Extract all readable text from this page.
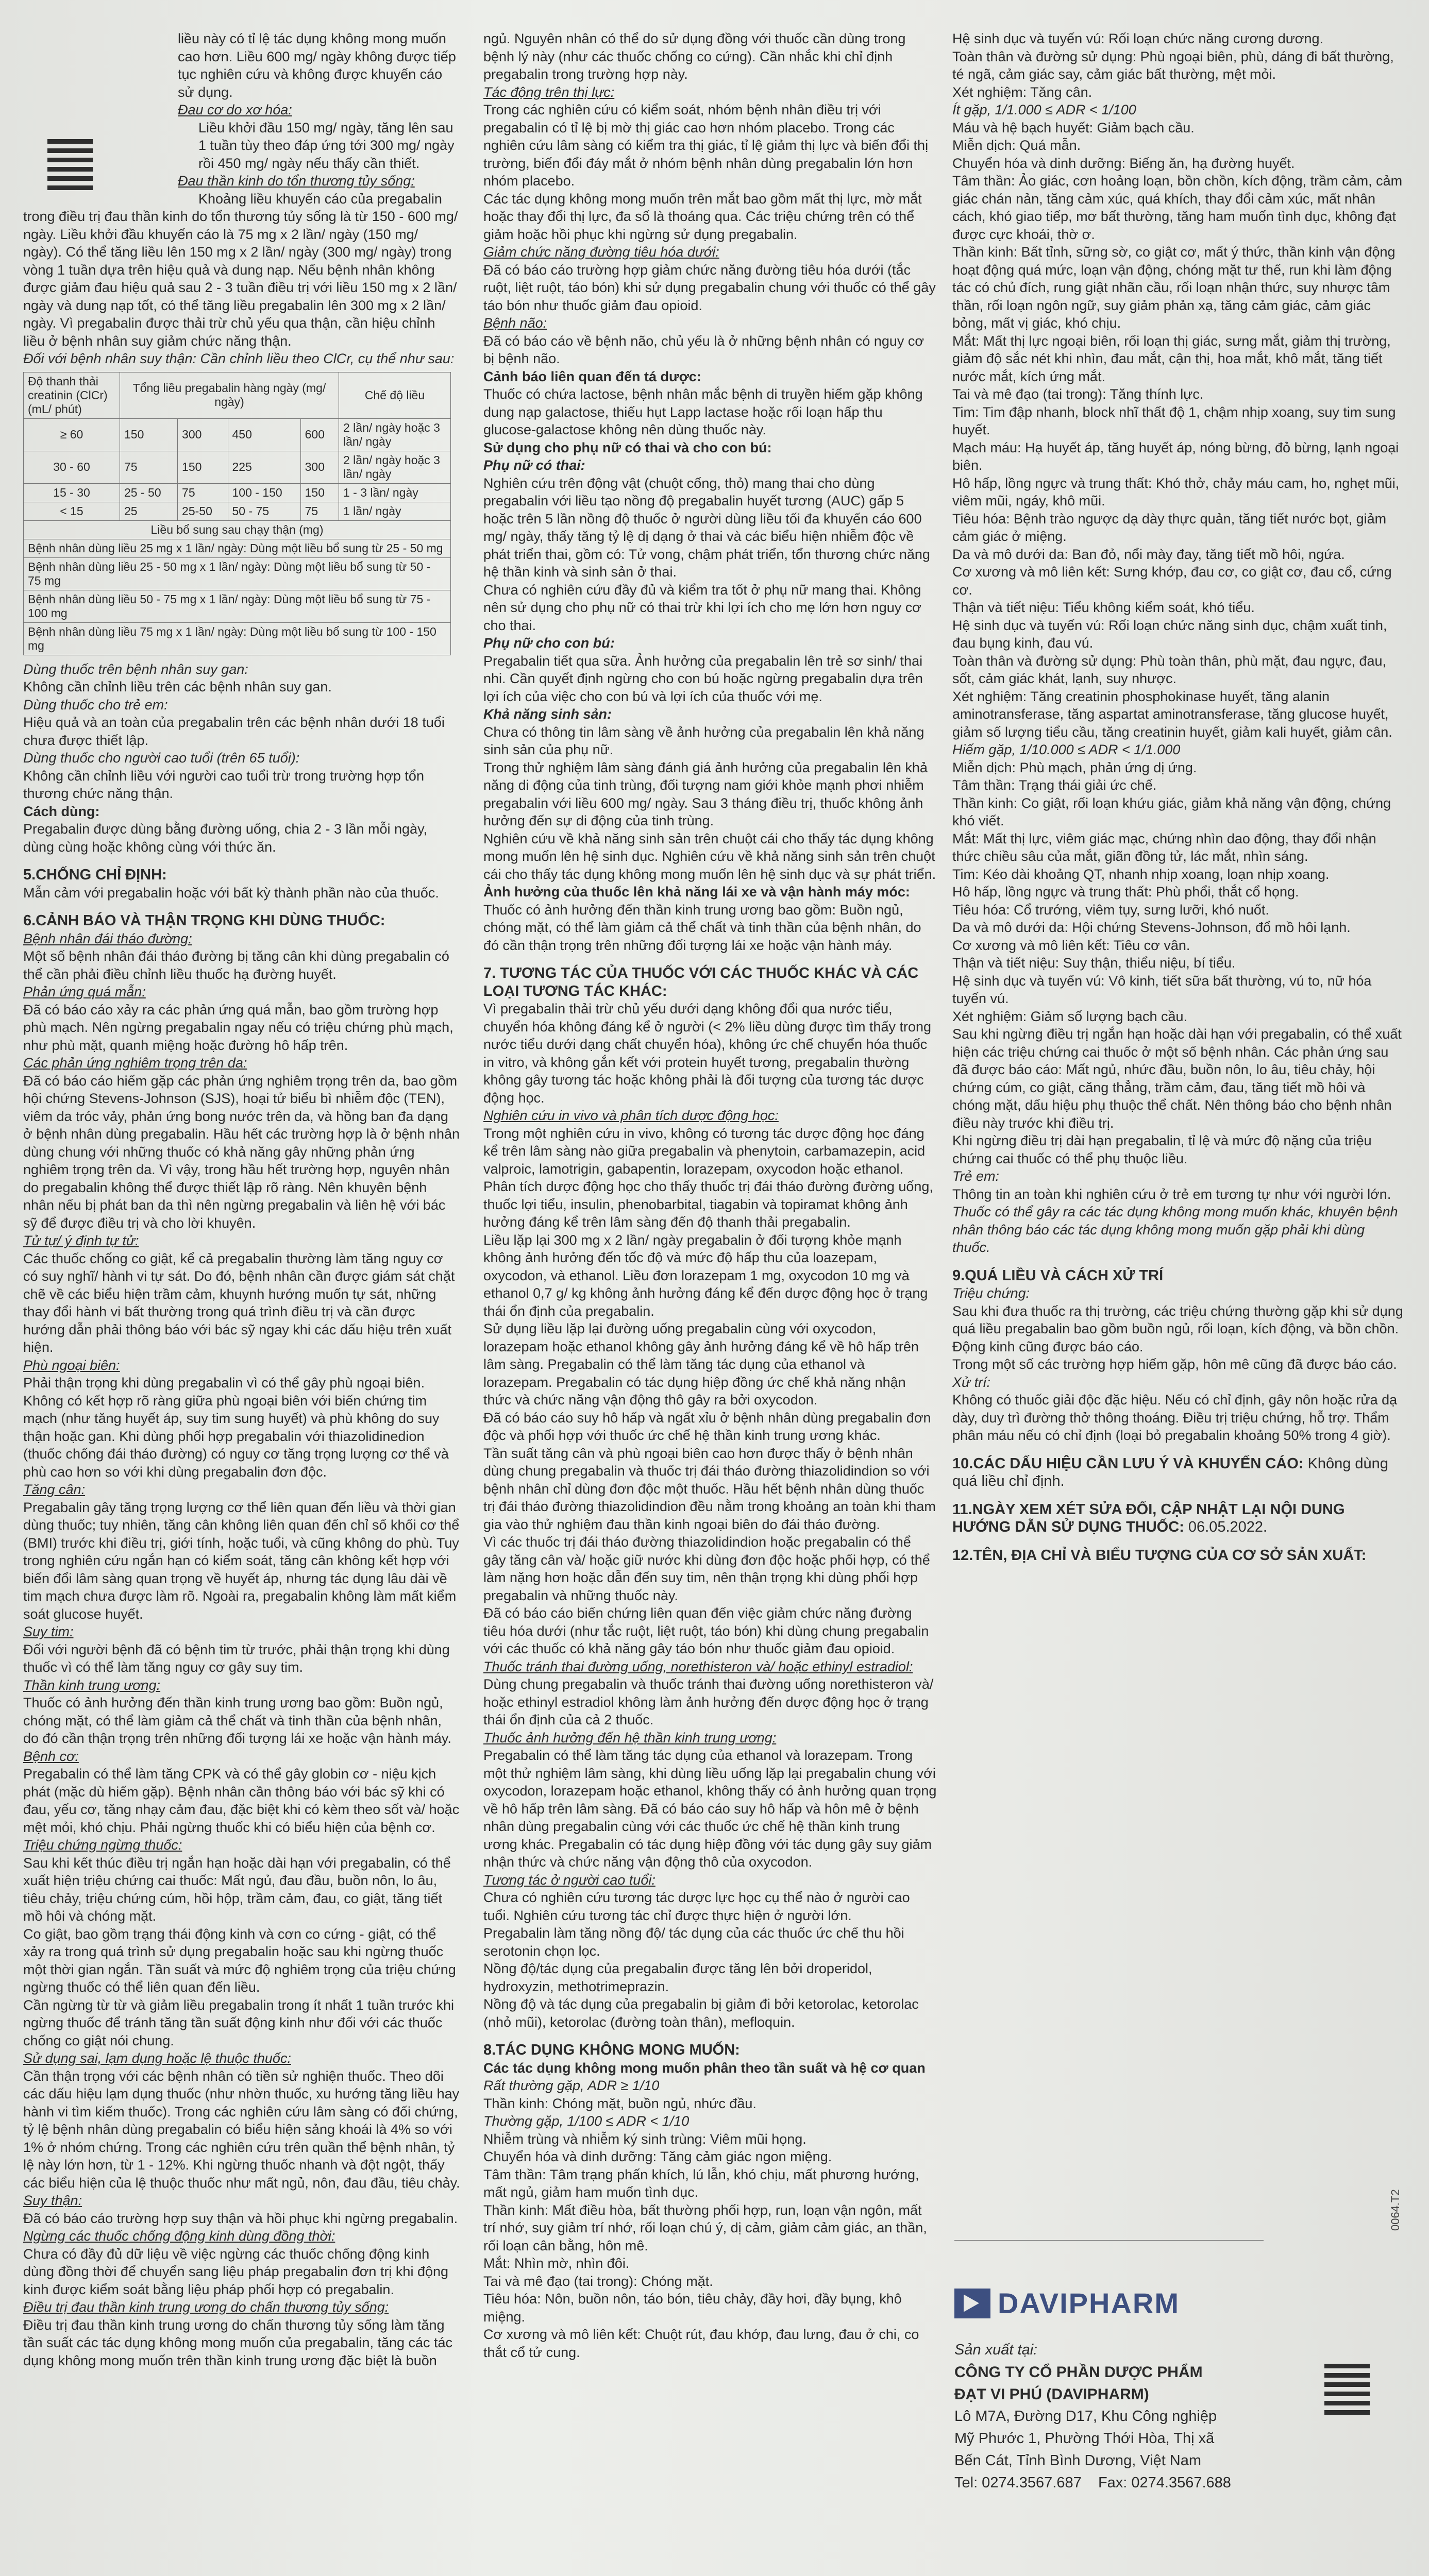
liều này có tỉ lệ tác dụng không mong muốn cao hơn. Liều 600 mg/ ngày không được tiếp tục nghiên cứu và không được khuyến cáo sử dụng.

Đau cơ do xơ hóa:

Liều khởi đầu 150 mg/ ngày, tăng lên sau 1 tuần tùy theo đáp ứng tới 300 mg/ ngày rồi 450 mg/ ngày nếu thấy cần thiết.

Đau thần kinh do tổn thương tủy sống:

Khoảng liều khuyến cáo của pregabalin trong điều trị đau thần kinh do tổn thương tủy sống là từ 150 - 600 mg/ ngày. Liều khởi đầu khuyến cáo là 75 mg x 2 lần/ ngày (150 mg/ ngày). Có thể tăng liều lên 150 mg x 2 lần/ ngày (300 mg/ ngày) trong vòng 1 tuần dựa trên hiệu quả và dung nạp. Nếu bệnh nhân không được giảm đau hiệu quả sau 2 - 3 tuần điều trị với liều 150 mg x 2 lần/ ngày và dung nạp tốt, có thể tăng liều pregabalin lên 300 mg x 2 lần/ ngày. Vì pregabalin được thải trừ chủ yếu qua thận, cần hiệu chỉnh liều ở bệnh nhân suy giảm chức năng thận.

Đối với bệnh nhân suy thận: Cần chỉnh liều theo ClCr, cụ thể như sau:

Độ thanh thải creatinin (ClCr) (mL/ phút)	Tổng liều pregabalin hàng ngày (mg/ ngày)				Chế độ liều
≥ 60	150	300	450	600	2 lần/ ngày hoặc 3 lần/ ngày
30 - 60	75	150	225	300	2 lần/ ngày hoặc 3 lần/ ngày
15 - 30	25 - 50	75	100 - 150	150	1 - 3 lần/ ngày
< 15	25	25-50	50 - 75	75	1 lần/ ngày
Liều bổ sung sau chạy thận (mg)					
Bệnh nhân dùng liều 25 mg x 1 lần/ ngày: Dùng một liều bổ sung từ 25 - 50 mg					
Bệnh nhân dùng liều 25 - 50 mg x 1 lần/ ngày: Dùng một liều bổ sung từ 50 - 75 mg					
Bệnh nhân dùng liều 50 - 75 mg x 1 lần/ ngày: Dùng một liều bổ sung từ 75 - 100 mg					
Bệnh nhân dùng liều 75 mg x 1 lần/ ngày: Dùng một liều bổ sung từ 100 - 150 mg					

Dùng thuốc trên bệnh nhân suy gan:

Không cần chỉnh liều trên các bệnh nhân suy gan.

Dùng thuốc cho trẻ em:

Hiệu quả và an toàn của pregabalin trên các bệnh nhân dưới 18 tuổi chưa được thiết lập.

Dùng thuốc cho người cao tuổi (trên 65 tuổi):

Không cần chỉnh liều với người cao tuổi trừ trong trường hợp tổn thương chức năng thận.

Cách dùng:

Pregabalin được dùng bằng đường uống, chia 2 - 3 lần mỗi ngày, dùng cùng hoặc không cùng với thức ăn.

5.CHỐNG CHỈ ĐỊNH:

Mẫn cảm với pregabalin hoặc với bất kỳ thành phần nào của thuốc.

6.CẢNH BÁO VÀ THẬN TRỌNG KHI DÙNG THUỐC:

Bệnh nhân đái tháo đường:

Một số bệnh nhân đái tháo đường bị tăng cân khi dùng pregabalin có thể cần phải điều chỉnh liều thuốc hạ đường huyết.

Phản ứng quá mẫn:

Đã có báo cáo xảy ra các phản ứng quá mẫn, bao gồm trường hợp phù mạch. Nên ngừng pregabalin ngay nếu có triệu chứng phù mạch, như phù mặt, quanh miệng hoặc đường hô hấp trên.

Các phản ứng nghiêm trọng trên da:

Đã có báo cáo hiếm gặp các phản ứng nghiêm trọng trên da, bao gồm hội chứng Stevens-Johnson (SJS), hoại tử biểu bì nhiễm độc (TEN), viêm da tróc vảy, phản ứng bong nước trên da, và hồng ban đa dạng ở bệnh nhân dùng pregabalin. Hầu hết các trường hợp là ở bệnh nhân dùng chung với những thuốc có khả năng gây những phản ứng nghiêm trọng trên da. Vì vậy, trong hầu hết trường hợp, nguyên nhân do pregabalin không thể được thiết lập rõ ràng. Nên khuyên bệnh nhân nếu bị phát ban da thì nên ngừng pregabalin và liên hệ với bác sỹ để được điều trị và cho lời khuyên.

Tử tự/ ý định tự tử:

Các thuốc chống co giật, kể cả pregabalin thường làm tăng nguy cơ có suy nghĩ/ hành vi tự sát. Do đó, bệnh nhân cần được giám sát chặt chẽ về các biểu hiện trầm cảm, khuynh hướng muốn tự sát, những thay đổi hành vi bất thường trong quá trình điều trị và cần được hướng dẫn phải thông báo với bác sỹ ngay khi các dấu hiệu trên xuất hiện.

Phù ngoại biên:

Phải thận trọng khi dùng pregabalin vì có thể gây phù ngoại biên. Không có kết hợp rõ ràng giữa phù ngoại biên với biến chứng tim mạch (như tăng huyết áp, suy tim sung huyết) và phù không do suy thận hoặc gan. Khi dùng phối hợp pregabalin với thiazolidinedion (thuốc chống đái tháo đường) có nguy cơ tăng trọng lượng cơ thể và phù cao hơn so với khi dùng pregabalin đơn độc.

Tăng cân:

Pregabalin gây tăng trọng lượng cơ thể liên quan đến liều và thời gian dùng thuốc; tuy nhiên, tăng cân không liên quan đến chỉ số khối cơ thể (BMI) trước khi điều trị, giới tính, hoặc tuổi, và cũng không do phù. Tuy trong nghiên cứu ngắn hạn có kiểm soát, tăng cân không kết hợp với biến đổi lâm sàng quan trọng về huyết áp, nhưng tác dụng lâu dài về tim mạch chưa được làm rõ. Ngoài ra, pregabalin không làm mất kiểm soát glucose huyết.

Suy tim:

Đối với người bệnh đã có bệnh tim từ trước, phải thận trọng khi dùng thuốc vì có thể làm tăng nguy cơ gây suy tim.

Thần kinh trung ương:

Thuốc có ảnh hưởng đến thần kinh trung ương bao gồm: Buồn ngủ, chóng mặt, có thể làm giảm cả thể chất và tinh thần của bệnh nhân, do đó cần thận trọng trên những đối tượng lái xe hoặc vận hành máy.

Bệnh cơ:

Pregabalin có thể làm tăng CPK và có thể gây globin cơ - niệu kịch phát (mặc dù hiếm gặp). Bệnh nhân cần thông báo với bác sỹ khi có đau, yếu cơ, tăng nhạy cảm đau, đặc biệt khi có kèm theo sốt và/ hoặc mệt mỏi, khó chịu. Phải ngừng thuốc khi có biểu hiện của bệnh cơ.

Triệu chứng ngừng thuốc:

Sau khi kết thúc điều trị ngắn hạn hoặc dài hạn với pregabalin, có thể xuất hiện triệu chứng cai thuốc: Mất ngủ, đau đầu, buồn nôn, lo âu, tiêu chảy, triệu chứng cúm, hồi hộp, trầm cảm, đau, co giật, tăng tiết mồ hôi và chóng mặt.
Co giật, bao gồm trạng thái động kinh và cơn co cứng - giật, có thể xảy ra trong quá trình sử dụng pregabalin hoặc sau khi ngừng thuốc một thời gian ngắn. Tần suất và mức độ nghiêm trọng của triệu chứng ngừng thuốc có thể liên quan đến liều.
Cần ngừng từ từ và giảm liều pregabalin trong ít nhất 1 tuần trước khi ngừng thuốc để tránh tăng tần suất động kinh như đối với các thuốc chống co giật nói chung.

Sử dụng sai, lạm dụng hoặc lệ thuộc thuốc:

Cần thận trọng với các bệnh nhân có tiền sử nghiện thuốc. Theo dõi các dấu hiệu lạm dụng thuốc (như nhờn thuốc, xu hướng tăng liều hay hành vi tìm kiếm thuốc). Trong các nghiên cứu lâm sàng có đối chứng, tỷ lệ bệnh nhân dùng pregabalin có biểu hiện sảng khoái là 4% so với 1% ở nhóm chứng. Trong các nghiên cứu trên quần thể bệnh nhân, tỷ lệ này lớn hơn, từ 1 - 12%. Khi ngừng thuốc nhanh và đột ngột, thấy các biểu hiện của lệ thuộc thuốc như mất ngủ, nôn, đau đầu, tiêu chảy.

Suy thận:

Đã có báo cáo trường hợp suy thận và hồi phục khi ngừng pregabalin.

Ngừng các thuốc chống động kinh dùng đồng thời:

Chưa có đầy đủ dữ liệu về việc ngừng các thuốc chống động kinh dùng đồng thời để chuyển sang liệu pháp pregabalin đơn trị khi động kinh được kiểm soát bằng liệu pháp phối hợp có pregabalin.

Điều trị đau thần kinh trung ương do chấn thương tủy sống:

Điều trị đau thần kinh trung ương do chấn thương tủy sống làm tăng tần suất các tác dụng không mong muốn của pregabalin, tăng các tác dụng không mong muốn trên thần kinh trung ương đặc biệt là buồn

ngủ. Nguyên nhân có thể do sử dụng đồng với thuốc cần dùng trong bệnh lý này (như các thuốc chống co cứng). Cần nhắc khi chỉ định pregabalin trong trường hợp này.

Tác động trên thị lực:

Trong các nghiên cứu có kiểm soát, nhóm bệnh nhân điều trị với pregabalin có tỉ lệ bị mờ thị giác cao hơn nhóm placebo. Trong các nghiên cứu lâm sàng có kiểm tra thị giác, tỉ lệ giảm thị lực và biến đổi thị trường, biến đổi đáy mắt ở nhóm bệnh nhân dùng pregabalin lớn hơn nhóm placebo.
Các tác dụng không mong muốn trên mắt bao gồm mất thị lực, mờ mắt hoặc thay đổi thị lực, đa số là thoáng qua. Các triệu chứng trên có thể giảm hoặc hồi phục khi ngừng sử dụng pregabalin.

Giảm chức năng đường tiêu hóa dưới:

Đã có báo cáo trường hợp giảm chức năng đường tiêu hóa dưới (tắc ruột, liệt ruột, táo bón) khi sử dụng pregabalin chung với thuốc có thể gây táo bón như thuốc giảm đau opioid.

Bệnh não:

Đã có báo cáo về bệnh não, chủ yếu là ở những bệnh nhân có nguy cơ bị bệnh não.

Cảnh báo liên quan đến tá dược:

Thuốc có chứa lactose, bệnh nhân mắc bệnh di truyền hiếm gặp không dung nạp galactose, thiếu hụt Lapp lactase hoặc rối loạn hấp thu glucose-galactose không nên dùng thuốc này.

Sử dụng cho phụ nữ có thai và cho con bú:

Phụ nữ có thai:

Nghiên cứu trên động vật (chuột cống, thỏ) mang thai cho dùng pregabalin với liều tạo nồng độ pregabalin huyết tương (AUC) gấp 5 hoặc trên 5 lần nồng độ thuốc ở người dùng liều tối đa khuyến cáo 600 mg/ ngày, thấy tăng tỷ lệ dị dạng ở thai và các biểu hiện nhiễm độc về phát triển thai, gồm có: Tử vong, chậm phát triển, tổn thương chức năng hệ thần kinh và sinh sản ở thai.
Chưa có nghiên cứu đầy đủ và kiểm tra tốt ở phụ nữ mang thai. Không nên sử dụng cho phụ nữ có thai trừ khi lợi ích cho mẹ lớn hơn nguy cơ cho thai.

Phụ nữ cho con bú:

Pregabalin tiết qua sữa. Ảnh hưởng của pregabalin lên trẻ sơ sinh/ thai nhi. Cần quyết định ngừng cho con bú hoặc ngừng pregabalin dựa trên lợi ích của việc cho con bú và lợi ích của thuốc với mẹ.

Khả năng sinh sản:

Chưa có thông tin lâm sàng về ảnh hưởng của pregabalin lên khả năng sinh sản của phụ nữ.
Trong thử nghiệm lâm sàng đánh giá ảnh hưởng của pregabalin lên khả năng di động của tinh trùng, đối tượng nam giới khỏe mạnh phơi nhiễm pregabalin với liều 600 mg/ ngày. Sau 3 tháng điều trị, thuốc không ảnh hưởng đến sự di động của tinh trùng.
Nghiên cứu về khả năng sinh sản trên chuột cái cho thấy tác dụng không mong muốn lên hệ sinh dục. Nghiên cứu về khả năng sinh sản trên chuột cái cho thấy tác dụng không mong muốn lên hệ sinh dục và sự phát triển.

Ảnh hưởng của thuốc lên khả năng lái xe và vận hành máy móc:

Thuốc có ảnh hưởng đến thần kinh trung ương bao gồm: Buồn ngủ, chóng mặt, có thể làm giảm cả thể chất và tinh thần của bệnh nhân, do đó cần thận trọng trên những đối tượng lái xe hoặc vận hành máy.

7. TƯƠNG TÁC CỦA THUỐC VỚI CÁC THUỐC KHÁC VÀ CÁC LOẠI TƯƠNG TÁC KHÁC:

Vì pregabalin thải trừ chủ yếu dưới dạng không đổi qua nước tiểu, chuyển hóa không đáng kể ở người (< 2% liều dùng được tìm thấy trong nước tiểu dưới dạng chất chuyển hóa), không ức chế chuyển hóa thuốc in vitro, và không gắn kết với protein huyết tương, pregabalin thường không gây tương tác hoặc không phải là đối tượng của tương tác dược động học.

Nghiên cứu in vivo và phân tích dược động học:

Trong một nghiên cứu in vivo, không có tương tác dược động học đáng kể trên lâm sàng nào giữa pregabalin và phenytoin, carbamazepin, acid valproic, lamotrigin, gabapentin, lorazepam, oxycodon hoặc ethanol. Phân tích dược động học cho thấy thuốc trị đái tháo đường đường uống, thuốc lợi tiểu, insulin, phenobarbital, tiagabin và topiramat không ảnh hưởng đáng kể trên lâm sàng đến độ thanh thải pregabalin.
Liều lặp lại 300 mg x 2 lần/ ngày pregabalin ở đối tượng khỏe mạnh không ảnh hưởng đến tốc độ và mức độ hấp thu của loazepam, oxycodon, và ethanol. Liều đơn lorazepam 1 mg, oxycodon 10 mg và ethanol 0,7 g/ kg không ảnh hưởng đáng kể đến dược động học ở trạng thái ổn định của pregabalin.
Sử dụng liều lặp lại đường uống pregabalin cùng với oxycodon, lorazepam hoặc ethanol không gây ảnh hưởng đáng kể về hô hấp trên lâm sàng. Pregabalin có thể làm tăng tác dụng của ethanol và lorazepam. Pregabalin có tác dụng hiệp đồng ức chế khả năng nhận thức và chức năng vận động thô gây ra bởi oxycodon.
Đã có báo cáo suy hô hấp và ngất xỉu ở bệnh nhân dùng pregabalin đơn độc và phối hợp với thuốc ức chế hệ thần kinh trung ương khác.
Tần suất tăng cân và phù ngoại biên cao hơn được thấy ở bệnh nhân dùng chung pregabalin và thuốc trị đái tháo đường thiazolidindion so với bệnh nhân chỉ dùng đơn độc một thuốc. Hầu hết bệnh nhân dùng thuốc trị đái tháo đường thiazolidindion đều nằm trong khoảng an toàn khi tham gia vào thử nghiệm đau thần kinh ngoại biên do đái tháo đường.
Vì các thuốc trị đái tháo đường thiazolidindion hoặc pregabalin có thể gây tăng cân và/ hoặc giữ nước khi dùng đơn độc hoặc phối hợp, có thể làm nặng hơn hoặc dẫn đến suy tim, nên thận trọng khi dùng phối hợp pregabalin và những thuốc này.
Đã có báo cáo biến chứng liên quan đến việc giảm chức năng đường tiêu hóa dưới (như tắc ruột, liệt ruột, táo bón) khi dùng chung pregabalin với các thuốc có khả năng gây táo bón như thuốc giảm đau opioid.

Thuốc tránh thai đường uống, norethisteron và/ hoặc ethinyl estradiol:

Dùng chung pregabalin và thuốc tránh thai đường uống norethisteron và/ hoặc ethinyl estradiol không làm ảnh hưởng đến dược động học ở trạng thái ổn định của cả 2 thuốc.

Thuốc ảnh hưởng đến hệ thần kinh trung ương:

Pregabalin có thể làm tăng tác dụng của ethanol và lorazepam. Trong một thử nghiệm lâm sàng, khi dùng liều uống lặp lại pregabalin chung với oxycodon, lorazepam hoặc ethanol, không thấy có ảnh hưởng quan trọng về hô hấp trên lâm sàng. Đã có báo cáo suy hô hấp và hôn mê ở bệnh nhân dùng pregabalin cùng với các thuốc ức chế hệ thần kinh trung ương khác. Pregabalin có tác dụng hiệp đồng với tác dụng gây suy giảm nhận thức và chức năng vận động thô của oxycodon.

Tương tác ở người cao tuổi:

Chưa có nghiên cứu tương tác dược lực học cụ thể nào ở người cao tuổi. Nghiên cứu tương tác chỉ được thực hiện ở người lớn.
Pregabalin làm tăng nồng độ/ tác dụng của các thuốc ức chế thu hồi serotonin chọn lọc.
Nồng độ/tác dụng của pregabalin được tăng lên bởi droperidol, hydroxyzin, methotrimeprazin.
Nồng độ và tác dụng của pregabalin bị giảm đi bởi ketorolac, ketorolac (nhỏ mũi), ketorolac (đường toàn thân), mefloquin.

8.TÁC DỤNG KHÔNG MONG MUỐN:

Các tác dụng không mong muốn phân theo tần suất và hệ cơ quan

Rất thường gặp, ADR ≥ 1/10

Thần kinh: Chóng mặt, buồn ngủ, nhức đầu.

Thường gặp, 1/100 ≤ ADR < 1/10

Nhiễm trùng và nhiễm ký sinh trùng: Viêm mũi họng.

Chuyển hóa và dinh dưỡng: Tăng cảm giác ngon miệng.

Tâm thần: Tâm trạng phấn khích, lú lẫn, khó chịu, mất phương hướng, mất ngủ, giảm ham muốn tình dục.

Thần kinh: Mất điều hòa, bất thường phối hợp, run, loạn vận ngôn, mất trí nhớ, suy giảm trí nhớ, rối loạn chú ý, dị cảm, giảm cảm giác, an thần, rối loạn cân bằng, hôn mê.

Mắt: Nhìn mờ, nhìn đôi.

Tai và mê đạo (tai trong): Chóng mặt.

Tiêu hóa: Nôn, buồn nôn, táo bón, tiêu chảy, đầy hơi, đầy bụng, khô miệng.

Cơ xương và mô liên kết: Chuột rút, đau khớp, đau lưng, đau ở chi, co thắt cổ tử cung.

Hệ sinh dục và tuyến vú: Rối loạn chức năng cương dương.

Toàn thân và đường sử dụng: Phù ngoại biên, phù, dáng đi bất thường, té ngã, cảm giác say, cảm giác bất thường, mệt mỏi.

Xét nghiệm: Tăng cân.

Ít gặp, 1/1.000 ≤ ADR < 1/100

Máu và hệ bạch huyết: Giảm bạch cầu.

Miễn dịch: Quá mẫn.

Chuyển hóa và dinh dưỡng: Biếng ăn, hạ đường huyết.

Tâm thần: Ảo giác, cơn hoảng loạn, bồn chồn, kích động, trầm cảm, cảm giác chán nản, tăng cảm xúc, quá khích, thay đổi cảm xúc, mất nhân cách, khó giao tiếp, mơ bất thường, tăng ham muốn tình dục, không đạt được cực khoái, thờ ơ.

Thần kinh: Bất tỉnh, sững sờ, co giật cơ, mất ý thức, thần kinh vận động hoạt động quá mức, loạn vận động, chóng mặt tư thế, run khi làm động tác có chủ đích, rung giật nhãn cầu, rối loạn nhận thức, suy nhược tâm thần, rối loạn ngôn ngữ, suy giảm phản xạ, tăng cảm giác, cảm giác bỏng, mất vị giác, khó chịu.

Mắt: Mất thị lực ngoại biên, rối loạn thị giác, sưng mắt, giảm thị trường, giảm độ sắc nét khi nhìn, đau mắt, cận thị, hoa mắt, khô mắt, tăng tiết nước mắt, kích ứng mắt.

Tai và mê đạo (tai trong): Tăng thính lực.

Tim: Tim đập nhanh, block nhĩ thất độ 1, chậm nhịp xoang, suy tim sung huyết.

Mạch máu: Hạ huyết áp, tăng huyết áp, nóng bừng, đỏ bừng, lạnh ngoại biên.

Hô hấp, lồng ngực và trung thất: Khó thở, chảy máu cam, ho, nghẹt mũi, viêm mũi, ngáy, khô mũi.

Tiêu hóa: Bệnh trào ngược dạ dày thực quản, tăng tiết nước bọt, giảm cảm giác ở miệng.

Da và mô dưới da: Ban đỏ, nổi mày đay, tăng tiết mồ hôi, ngứa.

Cơ xương và mô liên kết: Sưng khớp, đau cơ, co giật cơ, đau cổ, cứng cơ.

Thận và tiết niệu: Tiểu không kiểm soát, khó tiểu.

Hệ sinh dục và tuyến vú: Rối loạn chức năng sinh dục, chậm xuất tinh, đau bụng kinh, đau vú.

Toàn thân và đường sử dụng: Phù toàn thân, phù mặt, đau ngực, đau, sốt, cảm giác khát, lạnh, suy nhược.

Xét nghiệm: Tăng creatinin phosphokinase huyết, tăng alanin aminotransferase, tăng aspartat aminotransferase, tăng glucose huyết, giảm số lượng tiểu cầu, tăng creatinin huyết, giảm kali huyết, giảm cân.

Hiếm gặp, 1/10.000 ≤ ADR < 1/1.000

Miễn dịch: Phù mạch, phản ứng dị ứng.

Tâm thần: Trạng thái giải ức chế.

Thần kinh: Co giật, rối loạn khứu giác, giảm khả năng vận động, chứng khó viết.

Mắt: Mất thị lực, viêm giác mạc, chứng nhìn dao động, thay đổi nhận thức chiều sâu của mắt, giãn đồng tử, lác mắt, nhìn sáng.

Tim: Kéo dài khoảng QT, nhanh nhịp xoang, loạn nhịp xoang.

Hô hấp, lồng ngực và trung thất: Phù phổi, thắt cổ họng.

Tiêu hóa: Cổ trướng, viêm tụy, sưng lưỡi, khó nuốt.

Da và mô dưới da: Hội chứng Stevens-Johnson, đổ mồ hôi lạnh.

Cơ xương và mô liên kết: Tiêu cơ vân.

Thận và tiết niệu: Suy thận, thiểu niệu, bí tiểu.

Hệ sinh dục và tuyến vú: Vô kinh, tiết sữa bất thường, vú to, nữ hóa tuyến vú.

Xét nghiệm: Giảm số lượng bạch cầu.

Sau khi ngừng điều trị ngắn hạn hoặc dài hạn với pregabalin, có thể xuất hiện các triệu chứng cai thuốc ở một số bệnh nhân. Các phản ứng sau đã được báo cáo: Mất ngủ, nhức đầu, buồn nôn, lo âu, tiêu chảy, hội chứng cúm, co giật, căng thẳng, trầm cảm, đau, tăng tiết mồ hôi và chóng mặt, dấu hiệu phụ thuộc thể chất. Nên thông báo cho bệnh nhân điều này trước khi điều trị.

Khi ngừng điều trị dài hạn pregabalin, tỉ lệ và mức độ nặng của triệu chứng cai thuốc có thể phụ thuộc liều.

Trẻ em:

Thông tin an toàn khi nghiên cứu ở trẻ em tương tự như với người lớn.

Thuốc có thể gây ra các tác dụng không mong muốn khác, khuyên bệnh nhân thông báo các tác dụng không mong muốn gặp phải khi dùng thuốc.

9.QUÁ LIỀU VÀ CÁCH XỬ TRÍ

Triệu chứng:

Sau khi đưa thuốc ra thị trường, các triệu chứng thường gặp khi sử dụng quá liều pregabalin bao gồm buồn ngủ, rối loạn, kích động, và bồn chồn. Động kinh cũng được báo cáo.
Trong một số các trường hợp hiếm gặp, hôn mê cũng đã được báo cáo.

Xử trí:

Không có thuốc giải độc đặc hiệu. Nếu có chỉ định, gây nôn hoặc rửa dạ dày, duy trì đường thở thông thoáng. Điều trị triệu chứng, hỗ trợ. Thẩm phân máu nếu có chỉ định (loại bỏ pregabalin khoảng 50% trong 4 giờ).

10.CÁC DẤU HIỆU CẦN LƯU Ý VÀ KHUYẾN CÁO: Không dùng quá liều chỉ định.

11.NGÀY XEM XÉT SỬA ĐỔI, CẬP NHẬT LẠI NỘI DUNG HƯỚNG DẪN SỬ DỤNG THUỐC: 06.05.2022.

12.TÊN, ĐỊA CHỈ VÀ BIỂU TƯỢNG CỦA CƠ SỞ SẢN XUẤT:

0064.T2
DAVIPHARM
Sản xuất tại:
CÔNG TY CỔ PHẦN DƯỢC PHẨM
ĐẠT VI PHÚ (DAVIPHARM)
Lô M7A, Đường D17, Khu Công nghiệp
Mỹ Phước 1, Phường Thới Hòa, Thị xã
Bến Cát, Tỉnh Bình Dương, Việt Nam
Tel: 0274.3567.687    Fax: 0274.3567.688
